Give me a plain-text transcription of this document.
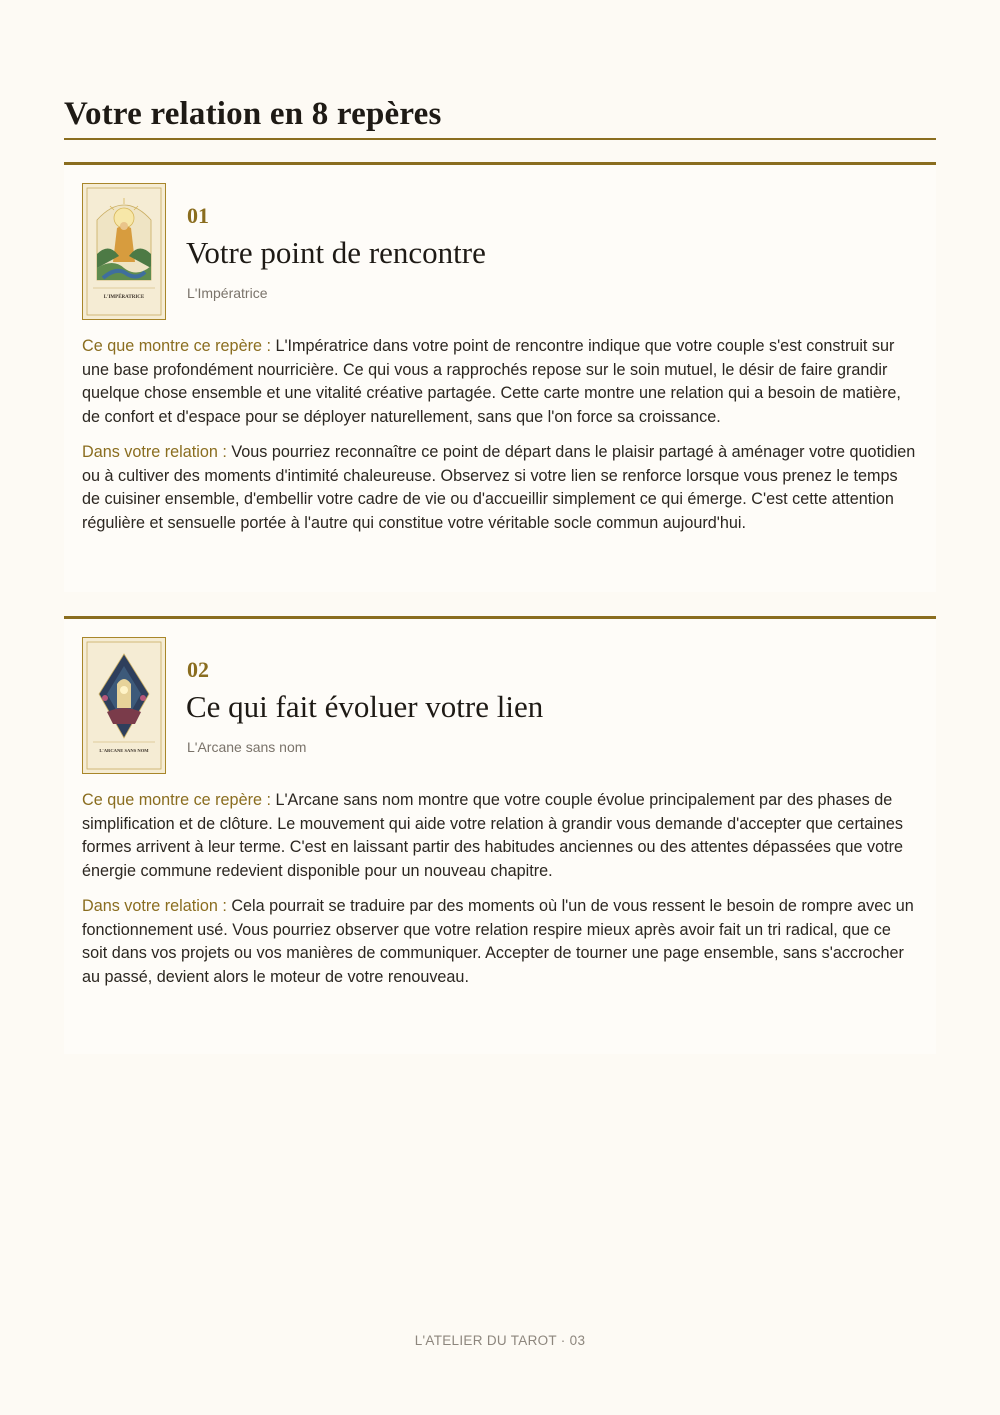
Votre relation en 8 repères
L'IMPÉRATRICE
01
Votre point de rencontre
L'Impératrice

Ce que montre ce repère : L'Impératrice dans votre point de rencontre indique que votre couple s'est construit sur une base profondément nourricière. Ce qui vous a rapprochés repose sur le soin mutuel, le désir de faire grandir quelque chose ensemble et une vitalité créative partagée. Cette carte montre une relation qui a besoin de matière, de confort et d'espace pour se déployer naturellement, sans que l'on force sa croissance.

Dans votre relation : Vous pourriez reconnaître ce point de départ dans le plaisir partagé à aménager votre quotidien ou à cultiver des moments d'intimité chaleureuse. Observez si votre lien se renforce lorsque vous prenez le temps de cuisiner ensemble, d'embellir votre cadre de vie ou d'accueillir simplement ce qui émerge. C'est cette attention régulière et sensuelle portée à l'autre qui constitue votre véritable socle commun aujourd'hui.

L'ARCANE SANS NOM
02
Ce qui fait évoluer votre lien
L'Arcane sans nom

Ce que montre ce repère : L'Arcane sans nom montre que votre couple évolue principalement par des phases de simplification et de clôture. Le mouvement qui aide votre relation à grandir vous demande d'accepter que certaines formes arrivent à leur terme. C'est en laissant partir des habitudes anciennes ou des attentes dépassées que votre énergie commune redevient disponible pour un nouveau chapitre.

Dans votre relation : Cela pourrait se traduire par des moments où l'un de vous ressent le besoin de rompre avec un fonctionnement usé. Vous pourriez observer que votre relation respire mieux après avoir fait un tri radical, que ce soit dans vos projets ou vos manières de communiquer. Accepter de tourner une page ensemble, sans s'accrocher au passé, devient alors le moteur de votre renouveau.

L'ATELIER DU TAROT · 03
